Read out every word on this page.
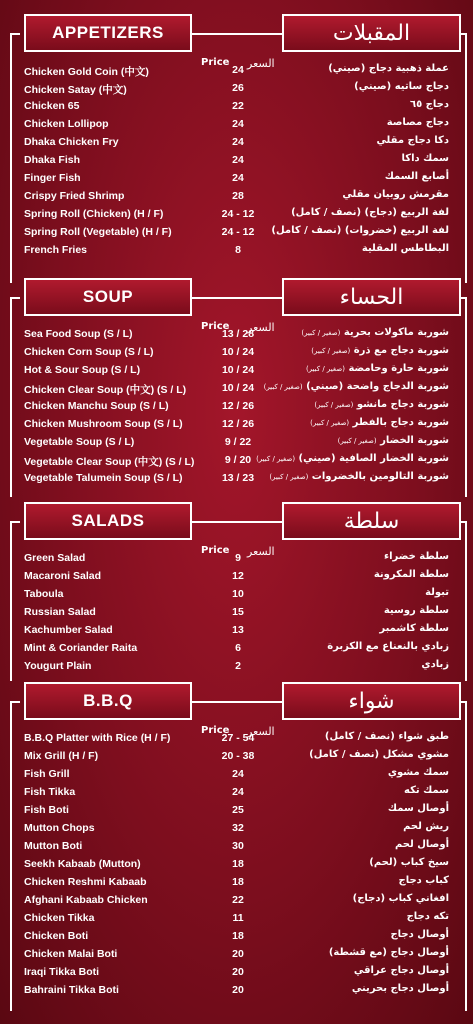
APPETIZERS	المقبلات
Price السعر
Chicken Gold Coin (中文)	24	عملة ذهبية دجاج (صيني)
Chicken Satay (中文)	26	دجاج ساتيه (صيني)
Chicken 65	22	دجاج ٦٥
Chicken Lollipop	24	دجاج مصاصة
Dhaka Chicken Fry	24	دكا دجاج مقلي
Dhaka Fish	24	سمك داكا
Finger Fish	24	أصابع السمك
Crispy Fried Shrimp	28	مقرمش روبيان مقلي
Spring Roll (Chicken) (H / F)	24 - 12	لفة الربيع (دجاج) (نصف / كامل)
Spring Roll (Vegetable) (H / F)	24 - 12	لفة الربيع (خضروات) (نصف / كامل)
French Fries	8	البطاطس المقلية
SOUP	الحساء
Price السعر
Sea Food Soup (S / L)	13 / 28	شوربة ماكولات بحرية (صغير / كبير)
Chicken Corn Soup (S / L)	10 / 24	شوربة دجاج مع ذرة (صغير / كبير)
Hot & Sour Soup (S / L)	10 / 24	شوربة حارة وحامضة (صغير / كبير)
Chicken Clear Soup (中文) (S / L)	10 / 24	شوربة الدجاج واضحة (صيني) (صغير / كبير)
Chicken Manchu Soup (S / L)	12 / 26	شوربة دجاج مانشو (صغير / كبير)
Chicken Mushroom Soup (S / L)	12 / 26	شوربة دجاج بالفطر (صغير / كبير)
Vegetable Soup (S / L)	9 / 22	شوربة الخضار (صغير / كبير)
Vegetable Clear Soup (中文) (S / L)	9 / 20	شوربة الخضار الصافية (صيني) (صغير / كبير)
Vegetable Talumein Soup (S / L)	13 / 23	شوربة التالومين بالخضروات (صغير / كبير)
SALADS	سلطة
Price السعر
Green Salad	9	سلطة خضراء
Macaroni Salad	12	سلطة المكرونة
Taboula	10	تبولة
Russian Salad	15	سلطة روسية
Kachumber Salad	13	سلطة كاشمبر
Mint & Coriander Raita	6	زبادي بالنعناع مع الكزبرة
Yougurt Plain	2	زبادي
B.B.Q	شواء
Price السعر
B.B.Q Platter with Rice (H / F)	27 - 54	طبق شواء (نصف / كامل)
Mix Grill (H / F)	20 - 38	مشوي مشكل (نصف / كامل)
Fish Grill	24	سمك مشوي
Fish Tikka	24	سمك تكه
Fish Boti	25	أوصال سمك
Mutton Chops	32	ريش لحم
Mutton Boti	30	أوصال لحم
Seekh Kabaab (Mutton)	18	سيخ كباب (لحم)
Chicken Reshmi Kabaab	18	كباب دجاج
Afghani Kabaab Chicken	22	افغاني كباب (دجاج)
Chicken Tikka	11	تكه دجاج
Chicken Boti	18	أوصال دجاج
Chicken Malai Boti	20	أوصال دجاج (مع قشطة)
Iraqi Tikka Boti	20	أوصال دجاج عراقي
Bahraini Tikka Boti	20	أوصال دجاج بحريني
